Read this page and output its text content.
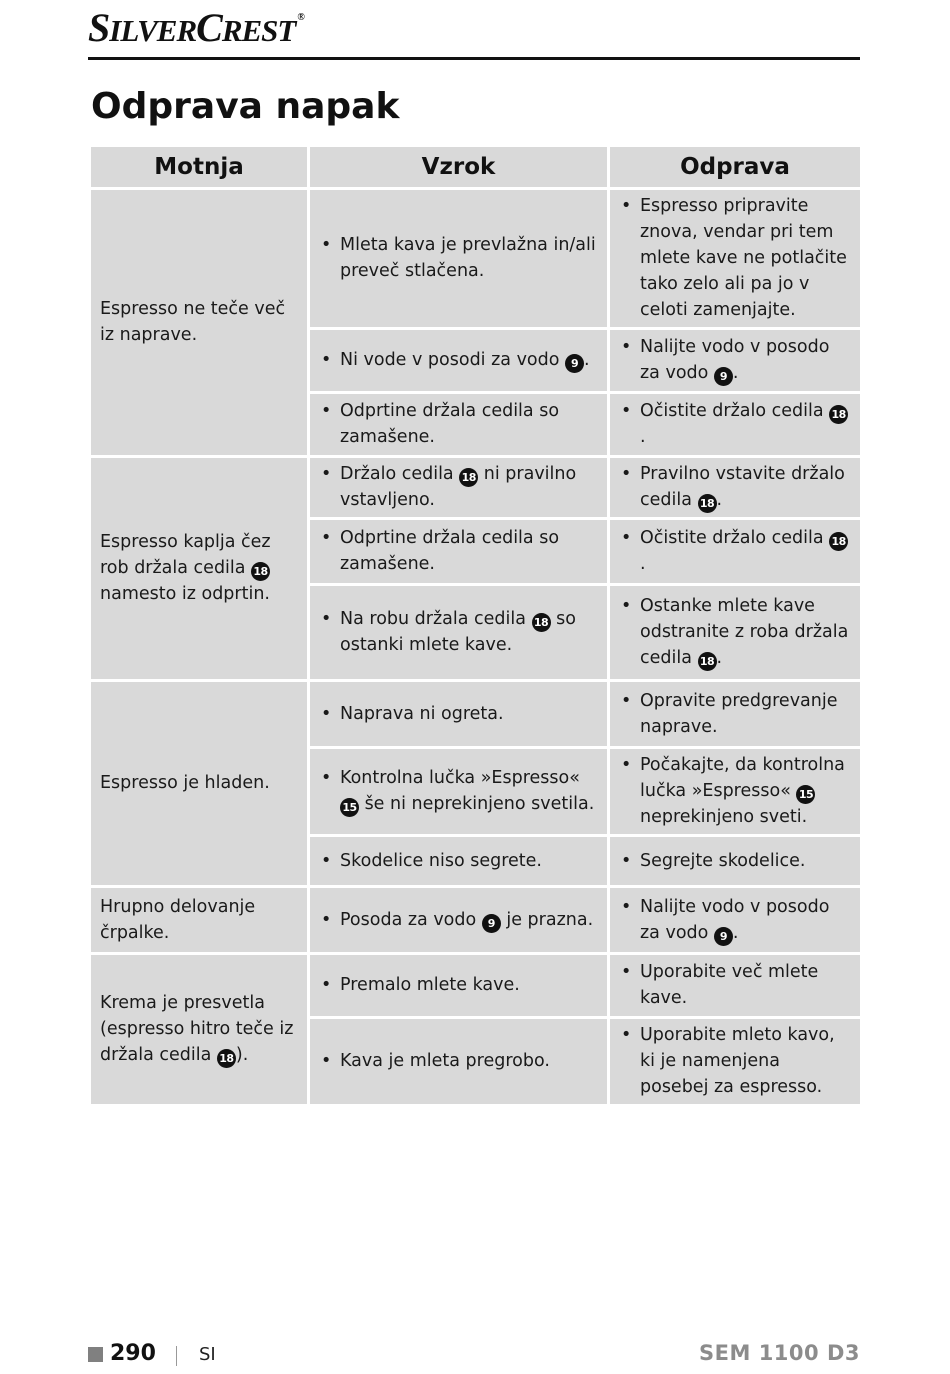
SILVERCREST ®
Odprava napak
Motnja	Vzrok	Odprava
Espresso ne teče več iz naprave.	• Mleta kava je prevlažna in/ali preveč stlačena.	• Espresso pripravite znova, vendar pri tem mlete kave ne potlačite tako zelo ali pa jo v celoti zamenjajte.

	• Ni vode v posodi za vodo 9 .	• Nalijte vodo v posodo za vodo 9 .

	• Odprtine držala cedila so zamašene.	• Očistite držalo cedila 18.

Espresso kaplja čez rob držala cedila 18 namesto iz odprtin.	• Držalo cedila 18 ni pravilno vstavljeno.	• Pravilno vstavite držalo cedila 18 .

	• Odprtine držala cedila so zamašene.	• Očistite držalo cedila 18.

	• Na robu držala cedila 18 so ostanki mlete kave.	• Ostanke mlete kave odstranite z roba držala cedila 18 .

Espresso je hladen.	• Naprava ni ogreta.	• Opravite predgrevanje naprave.

	• Kontrolna lučka »Espresso« 15 še ni neprekinjeno svetila.	• Počakajte, da kontrolna lučka »Espresso« 15 neprekinjeno sveti.

	• Skodelice niso segrete.	• Segrejte skodelice.

Hrupno delovanje črpalke.	• Posoda za vodo 9 je prazna.	• Nalijte vodo v posodo za vodo 9 .

Krema je presvetla (espresso hitro teče iz držala cedila 18 ).	• Premalo mlete kave.	• Uporabite več mlete kave.

	• Kava je mleta pregrobo.	• Uporabite mleto kavo, ki je namenjena posebej za espresso.
290 SI	SEM 1100 D3
